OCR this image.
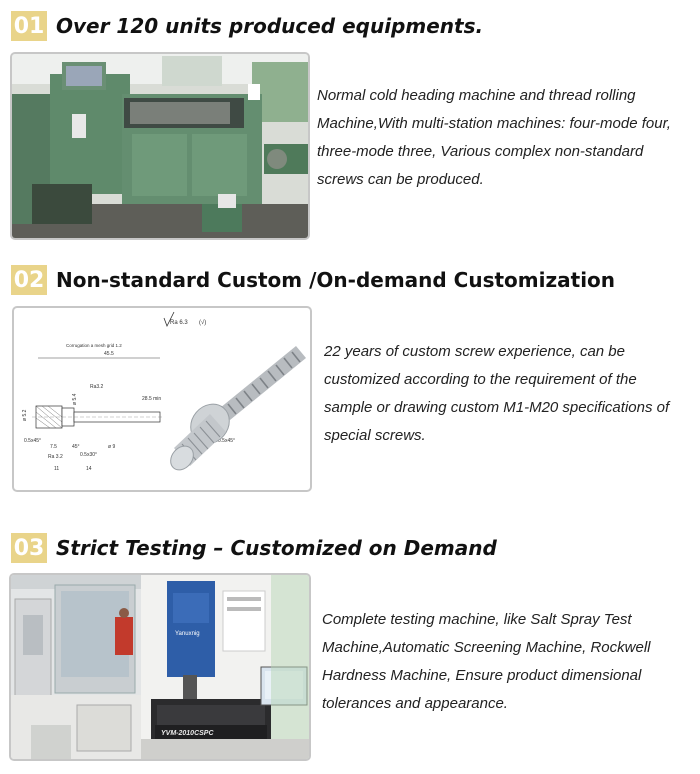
01 Over 120 units produced equipments.
Normal cold heading machine and thread rolling Machine,With multi-station machines: four-mode four, three-mode three, Various complex non-standard screws can be produced.
02 Non-standard Custom /On-demand Customization
Ra 6.3 (√)
Corrugation a mesh grid 1.2
45.5
28.5 min
Ra3.2
ø 5.2
ø 5.4
0.5x45°
7.5	45°	ø 9
0.5x30°
Ra 3.2
11	14
0.5x45°
22 years of custom screw experience, can be customized according to the requirement of the sample or drawing custom M1-M20 specifications of special screws.
03 Strict Testing – Customized on Demand
Yanuxnig
YVM-2010CSPC
Complete testing machine, like Salt Spray Test Machine,Automatic Screening Machine, Rockwell Hardness Machine, Ensure product dimensional tolerances and appearance.
